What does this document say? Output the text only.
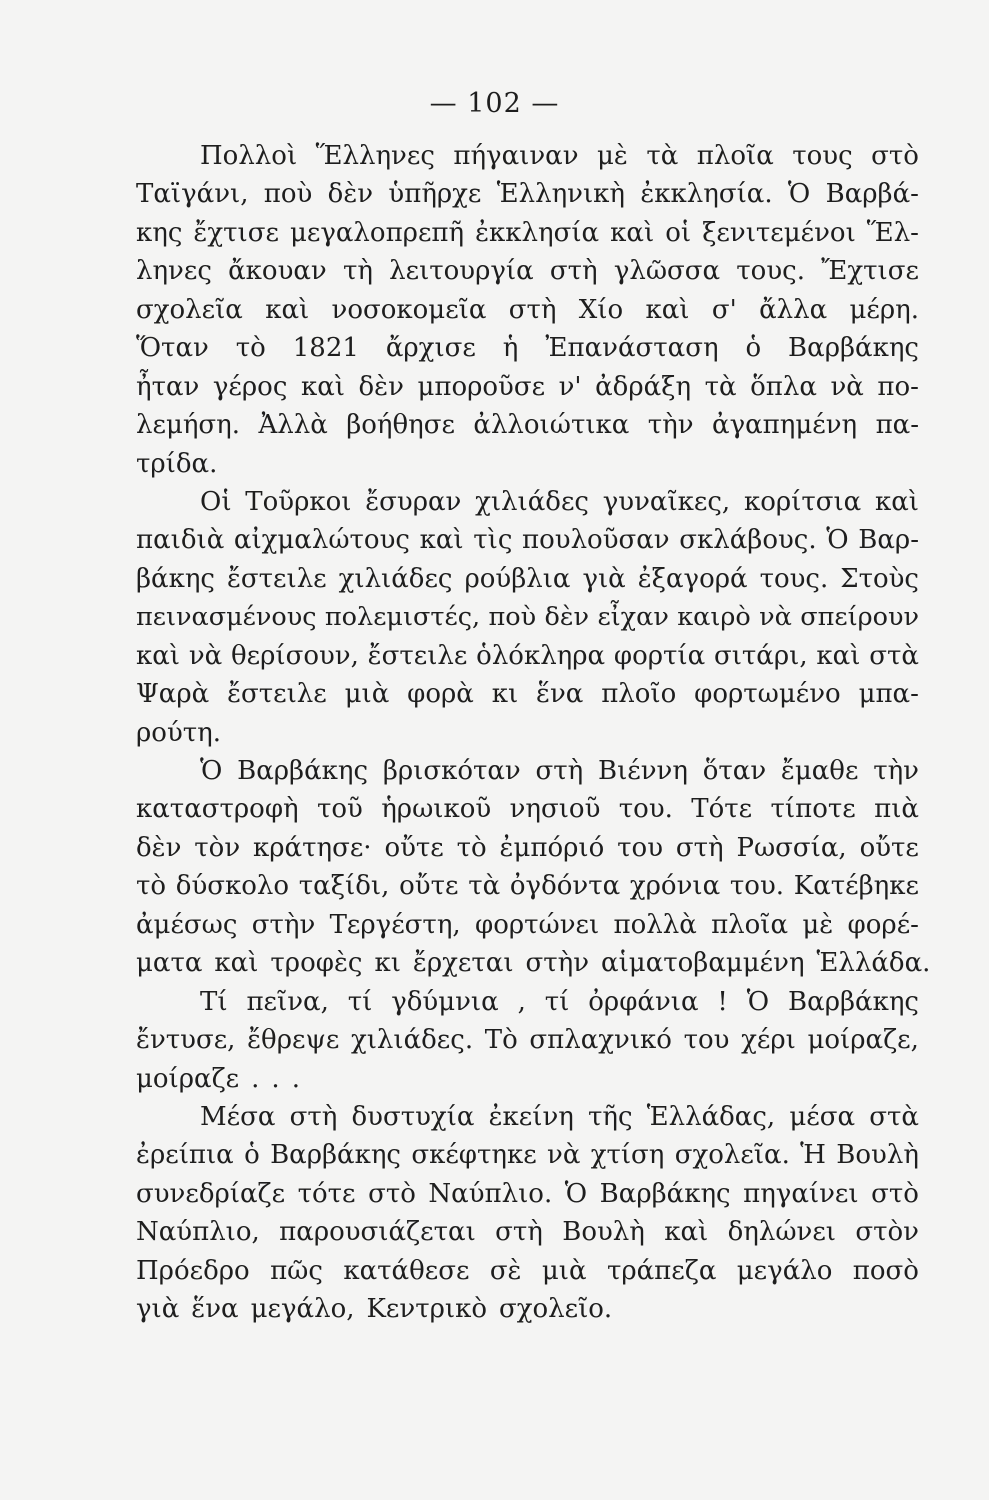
— 102 —
Πολλοὶ Ἕλληνες πήγαιναν μὲ τὰ πλοῖα τους στὸ
Ταϊγάνι, ποὺ δὲν ὑπῆρχε Ἑλληνικὴ ἐκκλησία. Ὁ Βαρβά-
κης ἔχτισε μεγαλοπρεπῆ ἐκκλησία καὶ οἱ ξενιτεμένοι Ἕλ-
ληνες ἄκουαν τὴ λειτουργία στὴ γλῶσσα τους. Ἔχτισε
σχολεῖα καὶ νοσοκομεῖα στὴ Χίο καὶ σ' ἄλλα μέρη.
Ὅταν τὸ 1821 ἄρχισε ἡ Ἐπανάσταση ὁ Βαρβάκης
ἦταν γέρος καὶ δὲν μποροῦσε ν' ἀδράξη τὰ ὅπλα νὰ πο-
λεμήση. Ἀλλὰ βοήθησε ἀλλοιώτικα τὴν ἀγαπημένη πα-
τρίδα.
Οἱ Τοῦρκοι ἔσυραν χιλιάδες γυναῖκες, κορίτσια καὶ
παιδιὰ αἰχμαλώτους καὶ τὶς πουλοῦσαν σκλάβους. Ὁ Βαρ-
βάκης ἔστειλε χιλιάδες ρούβλια γιὰ ἐξαγορά τους. Στοὺς
πεινασμένους πολεμιστές, ποὺ δὲν εἶχαν καιρὸ νὰ σπείρουν
καὶ νὰ θερίσουν, ἔστειλε ὁλόκληρα φορτία σιτάρι, καὶ στὰ
Ψαρὰ ἔστειλε μιὰ φορὰ κι ἕνα πλοῖο φορτωμένο μπα-
ρούτη.
Ὁ Βαρβάκης βρισκόταν στὴ Βιέννη ὅταν ἔμαθε τὴν
καταστροφὴ τοῦ ἡρωικοῦ νησιοῦ του. Τότε τίποτε πιὰ
δὲν τὸν κράτησε· οὔτε τὸ ἐμπόριό του στὴ Ρωσσία, οὔτε
τὸ δύσκολο ταξίδι, οὔτε τὰ ὀγδόντα χρόνια του. Κατέβηκε
ἀμέσως στὴν Τεργέστη, φορτώνει πολλὰ πλοῖα μὲ φορέ-
ματα καὶ τροφὲς κι ἔρχεται στὴν αἱματοβαμμένη Ἑλλάδα.
Τί πεῖνα, τί γδύμνια , τί ὀρφάνια ! Ὁ Βαρβάκης
ἔντυσε, ἔθρεψε χιλιάδες. Τὸ σπλαχνικό του χέρι μοίραζε,
μοίραζε . . .
Μέσα στὴ δυστυχία ἐκείνη τῆς Ἑλλάδας, μέσα στὰ
ἐρείπια ὁ Βαρβάκης σκέφτηκε νὰ χτίση σχολεῖα. Ἡ Βουλὴ
συνεδρίαζε τότε στὸ Ναύπλιο. Ὁ Βαρβάκης πηγαίνει στὸ
Ναύπλιο, παρουσιάζεται στὴ Βουλὴ καὶ δηλώνει στὸν
Πρόεδρο πῶς κατάθεσε σὲ μιὰ τράπεζα μεγάλο ποσὸ
γιὰ ἕνα μεγάλο, Κεντρικὸ σχολεῖο.
